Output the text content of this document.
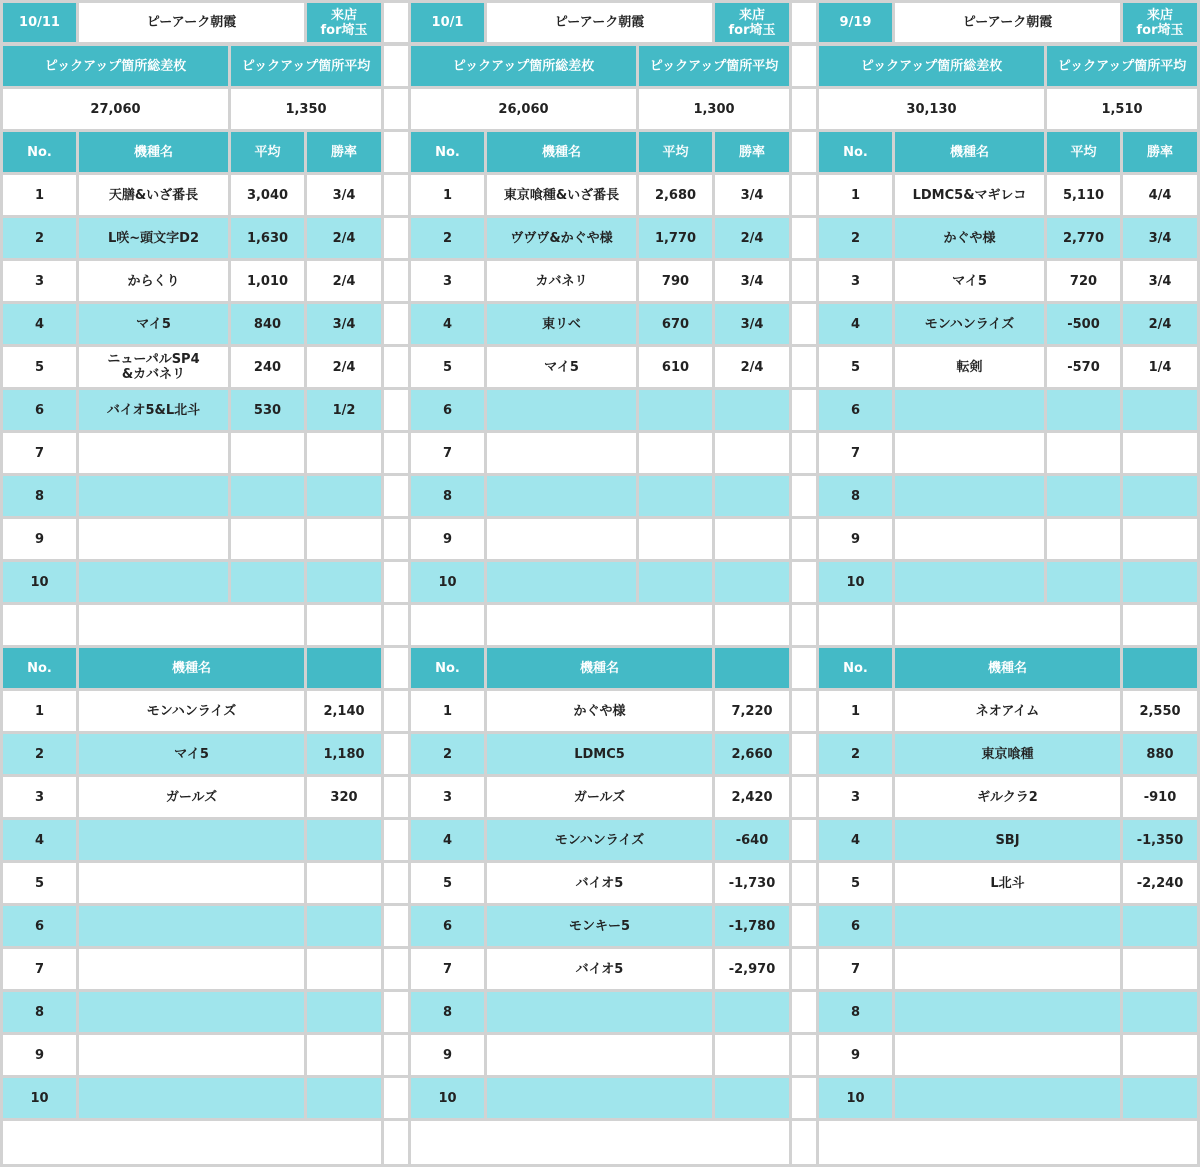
10/11	ピーアーク朝霞	来店
for埼玉
ピックアップ箇所総差枚	ピックアップ箇所平均
27,060	1,350
No.	機種名	平均	勝率
1	天膳&いざ番長	3,040	3/4
2	L咲~頭文字D2	1,630	2/4
3	からくり	1,010	2/4
4	マイ5	840	3/4
5	ニューパルSP4
&カバネリ	240	2/4
6	バイオ5&L北斗	530	1/2
7
8
9
10
No.	機種名
1	モンハンライズ	2,140
2	マイ5	1,180
3	ガールズ	320
4
5
6
7
8
9
10
10/1	ピーアーク朝霞	来店
for埼玉
ピックアップ箇所総差枚	ピックアップ箇所平均
26,060	1,300
No.	機種名	平均	勝率
1	東京喰種&いざ番長	2,680	3/4
2	ヴヴヴ&かぐや様	1,770	2/4
3	カバネリ	790	3/4
4	東リベ	670	3/4
5	マイ5	610	2/4
6
7
8
9
10
No.	機種名
1	かぐや様	7,220
2	LDMC5	2,660
3	ガールズ	2,420
4	モンハンライズ	-640
5	バイオ5	-1,730
6	モンキー5	-1,780
7	バイオ5	-2,970
8
9
10
9/19	ピーアーク朝霞	来店
for埼玉
ピックアップ箇所総差枚	ピックアップ箇所平均
30,130	1,510
No.	機種名	平均	勝率
1	LDMC5&マギレコ	5,110	4/4
2	かぐや様	2,770	3/4
3	マイ5	720	3/4
4	モンハンライズ	-500	2/4
5	転剣	-570	1/4
6
7
8
9
10
No.	機種名
1	ネオアイム	2,550
2	東京喰種	880
3	ギルクラ2	-910
4	SBJ	-1,350
5	L北斗	-2,240
6
7
8
9
10
